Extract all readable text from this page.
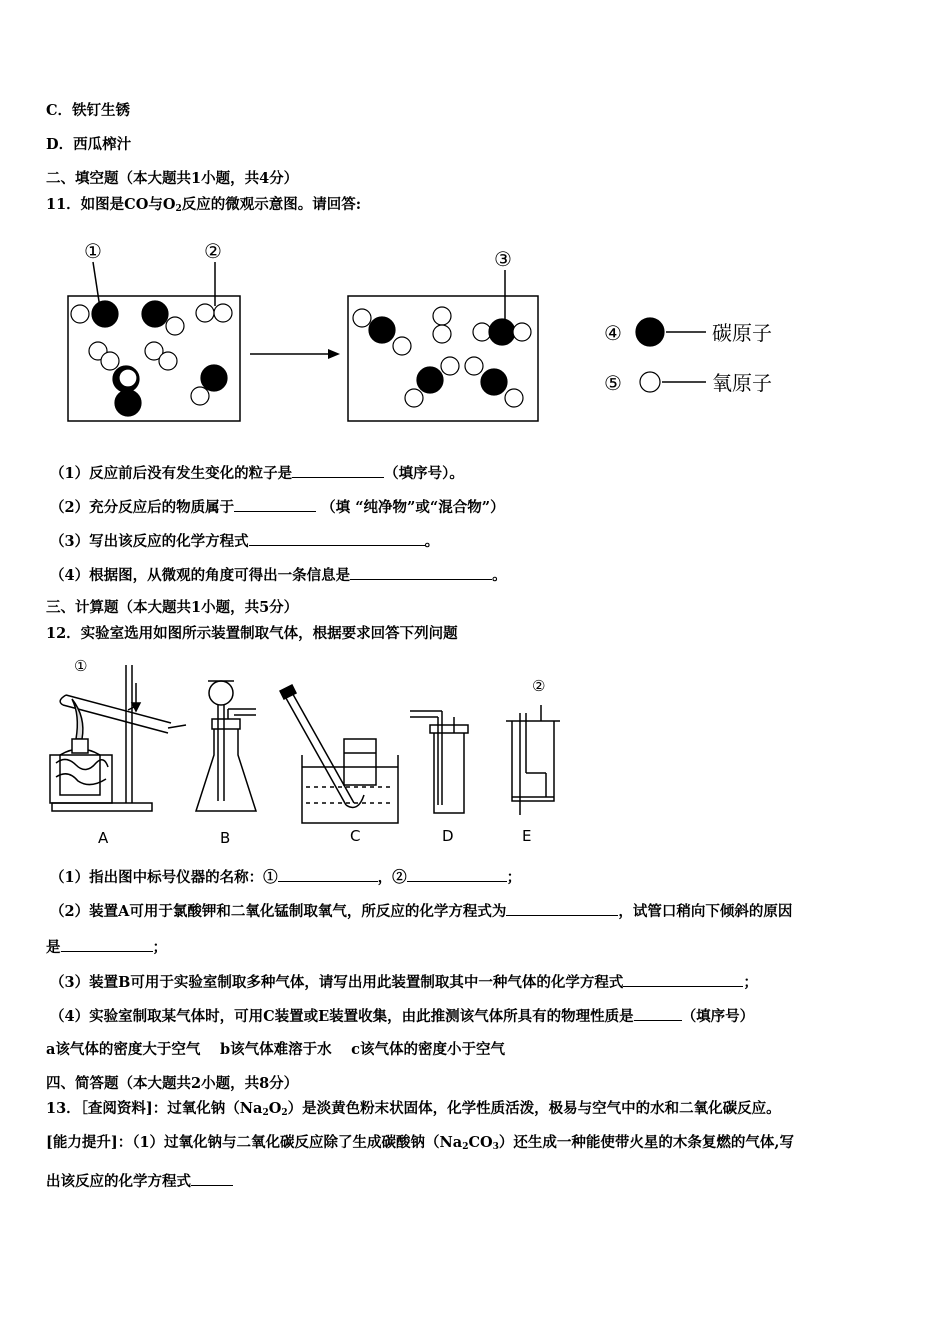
C．铁钉生锈
D．西瓜榨汁
二、填空题（本大题共1小题，共4分）
11．如图是CO与$O_2$反应的微观示意图。请回答:
①	②	③
④
⑤
碳原子
氧原子
（1）反应前后没有发生变化的粒子是	（填序号）。
（2）充分反应后的物质属于	（填 “纯净物”或“混合物”）
（3）写出该反应的化学方程式	。
（4）根据图，从微观的角度可得出一条信息是	。
三、计算题（本大题共1小题，共5分）
12．实验室选用如图所示装置制取气体，根据要求回答下列问题
①
②
A	B	C	D	E
（1）指出图中标号仪器的名称：①	，②	；
（2）装置A可用于氯酸钾和二氧化锰制取氧气，所反应的化学方程式为	，试管口稍向下倾斜的原因
是	；
（3）装置B可用于实验室制取多种气体，请写出用此装置制取其中一种气体的化学方程式	；
（4）实验室制取某气体时，可用C装置或E装置收集，由此推测该气体所具有的物理性质是	（填序号）
a该气体的密度大于空气　 b该气体难溶于水　 c该气体的密度小于空气
四、简答题（本大题共2小题，共8分）
13．［查阅资料]：过氧化钠$(Na_2O_2)$是淡黄色粉末状固体，化学性质活泼，极易与空气中的水和二氧化碳反应。
[能力提升]：（1）过氧化钠与二氧化碳反应除了生成碳酸钠$(Na_2CO_3)$还生成一种能使带火星的木条复燃的气体,写
出该反应的化学方程式
